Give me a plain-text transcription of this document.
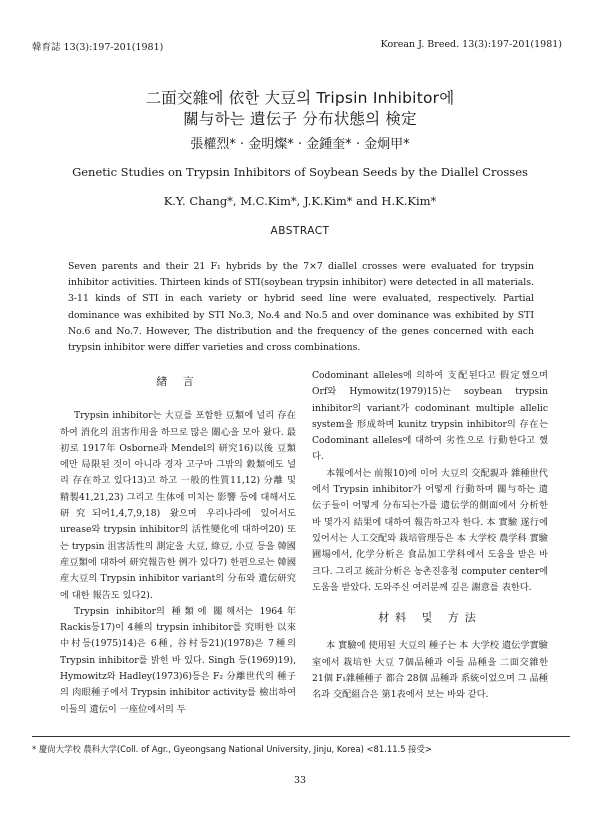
韓育誌 13(3):197-201(1981)	Korean J. Breed. 13(3):197-201(1981)
二面交雜에 依한 大豆의 Tripsin Inhibitor에
關与하는 遺伝子 分布状態의 検定
張權烈* · 金明燦* · 金鍾奎* · 金炯甲*
Genetic Studies on Trypsin Inhibitors of Soybean Seeds by the Diallel Crosses
K.Y. Chang*, M.C.Kim*, J.K.Kim* and H.K.Kim*
ABSTRACT
Seven parents and their 21 F₁ hybrids by the 7×7 diallel crosses were evaluated for trypsin inhibitor activities. Thirteen kinds of STI(soybean trypsin inhibitor) were detected in all materials. 3-11 kinds of STI in each variety or hybrid seed line were evaluated, respectively. Partial dominance was exhibited by STI No.3, No.4 and No.5 and over dominance was exhibited by STI No.6 and No.7. However, The distribution and the frequency of the genes concerned with each trypsin inhibitor were differ varieties and cross combinations.
緖 言

Trypsin inhibitor는 大豆를 포함한 豆類에 널리 存在하여 消化의 沮害作用을 하므로 많은 關心을 모아 왔다. 最初로 1917年 Osborne과 Mendel의 研究16)以後 豆類에만 局限된 것이 아니라 경자 고구마 그밖의 穀類에도 널리 存在하고 있다13)고 하고 一般的性質11,12) 分離 및 精製41,21,23) 그리고 生体에 미치는 影響 등에 대해서도 研究되어1,4,7,9,18) 왔으며 우리나라에 있어서도 urease와 trypsin inhibitor의 活性變化에 대하여20) 또는 trypsin 沮害活性의 測定을 大豆, 綠豆, 小豆 등을 韓國産豆類에 대하여 研究報告한 例가 있다7) 한편으로는 韓國産大豆의 Trypsin inhibitor variant의 分布와 遺伝研究에 대한 報告도 있다2).

Trypsin inhibitor의 種類에 關해서는 1964年 Rackis등17)이 4種의 trypsin inhibitor를 究明한 以來 中村등(1975)14)은 6種, 谷村등21)(1978)은 7種의 Trypsin inhibitor를 밝힌 바 있다. Singh 등(1969)19), Hymowitz와 Hadley(1973)6)등은 F₂ 分離世代의 種子의 肉眼種子에서 Trypsin inhibitor activity를 檢出하여 이들의 遺伝이 一座位에서의 두

Codominant alleles에 의하여 支配된다고 假定했으며 Orf와 Hymowitz(1979)15)는 soybean trypsin inhibitor의 variant가 codominant multiple allelic system을 形成하며 kunitz trypsin inhibitor의 存在는 Codominant alleles에 대하여 劣性으로 行動한다고 했다.

本報에서는 前報10)에 이어 大豆의 交配親과 雜種世代에서 Trypsin inhibitor가 어떻게 行動하며 關与하는 遺伝子들이 어떻게 分布되는가를 遺伝学的側面에서 分析한 바 몇가지 結果에 대하여 報告하고자 한다. 本 實驗 遂行에 있어서는 人工交配와 栽培管理등은 本 大学校 農学科 實驗圃場에서, 化学分析은 食品加工学科에서 도움을 받은 바 크다. 그리고 統計分析은 농촌진흥청 computer center에 도움을 받았다. 도와주신 여러분께 깊은 謝意를 表한다.

材料 및 方法

本 實驗에 使用된 大豆의 種子는 本 大学校 遺伝学實驗室에서 栽培한 大豆 7個品種과 이들 品種을 二面交雜한 21個 F₁雜種種子 都合 28個 品種과 系統이었으며 그 品種名과 交配組合은 第1表에서 보는 바와 같다.

* 慶尙大学校 農科大学(Coll. of Agr., Gyeongsang National University, Jinju, Korea) <81.11.5 接受>
33
